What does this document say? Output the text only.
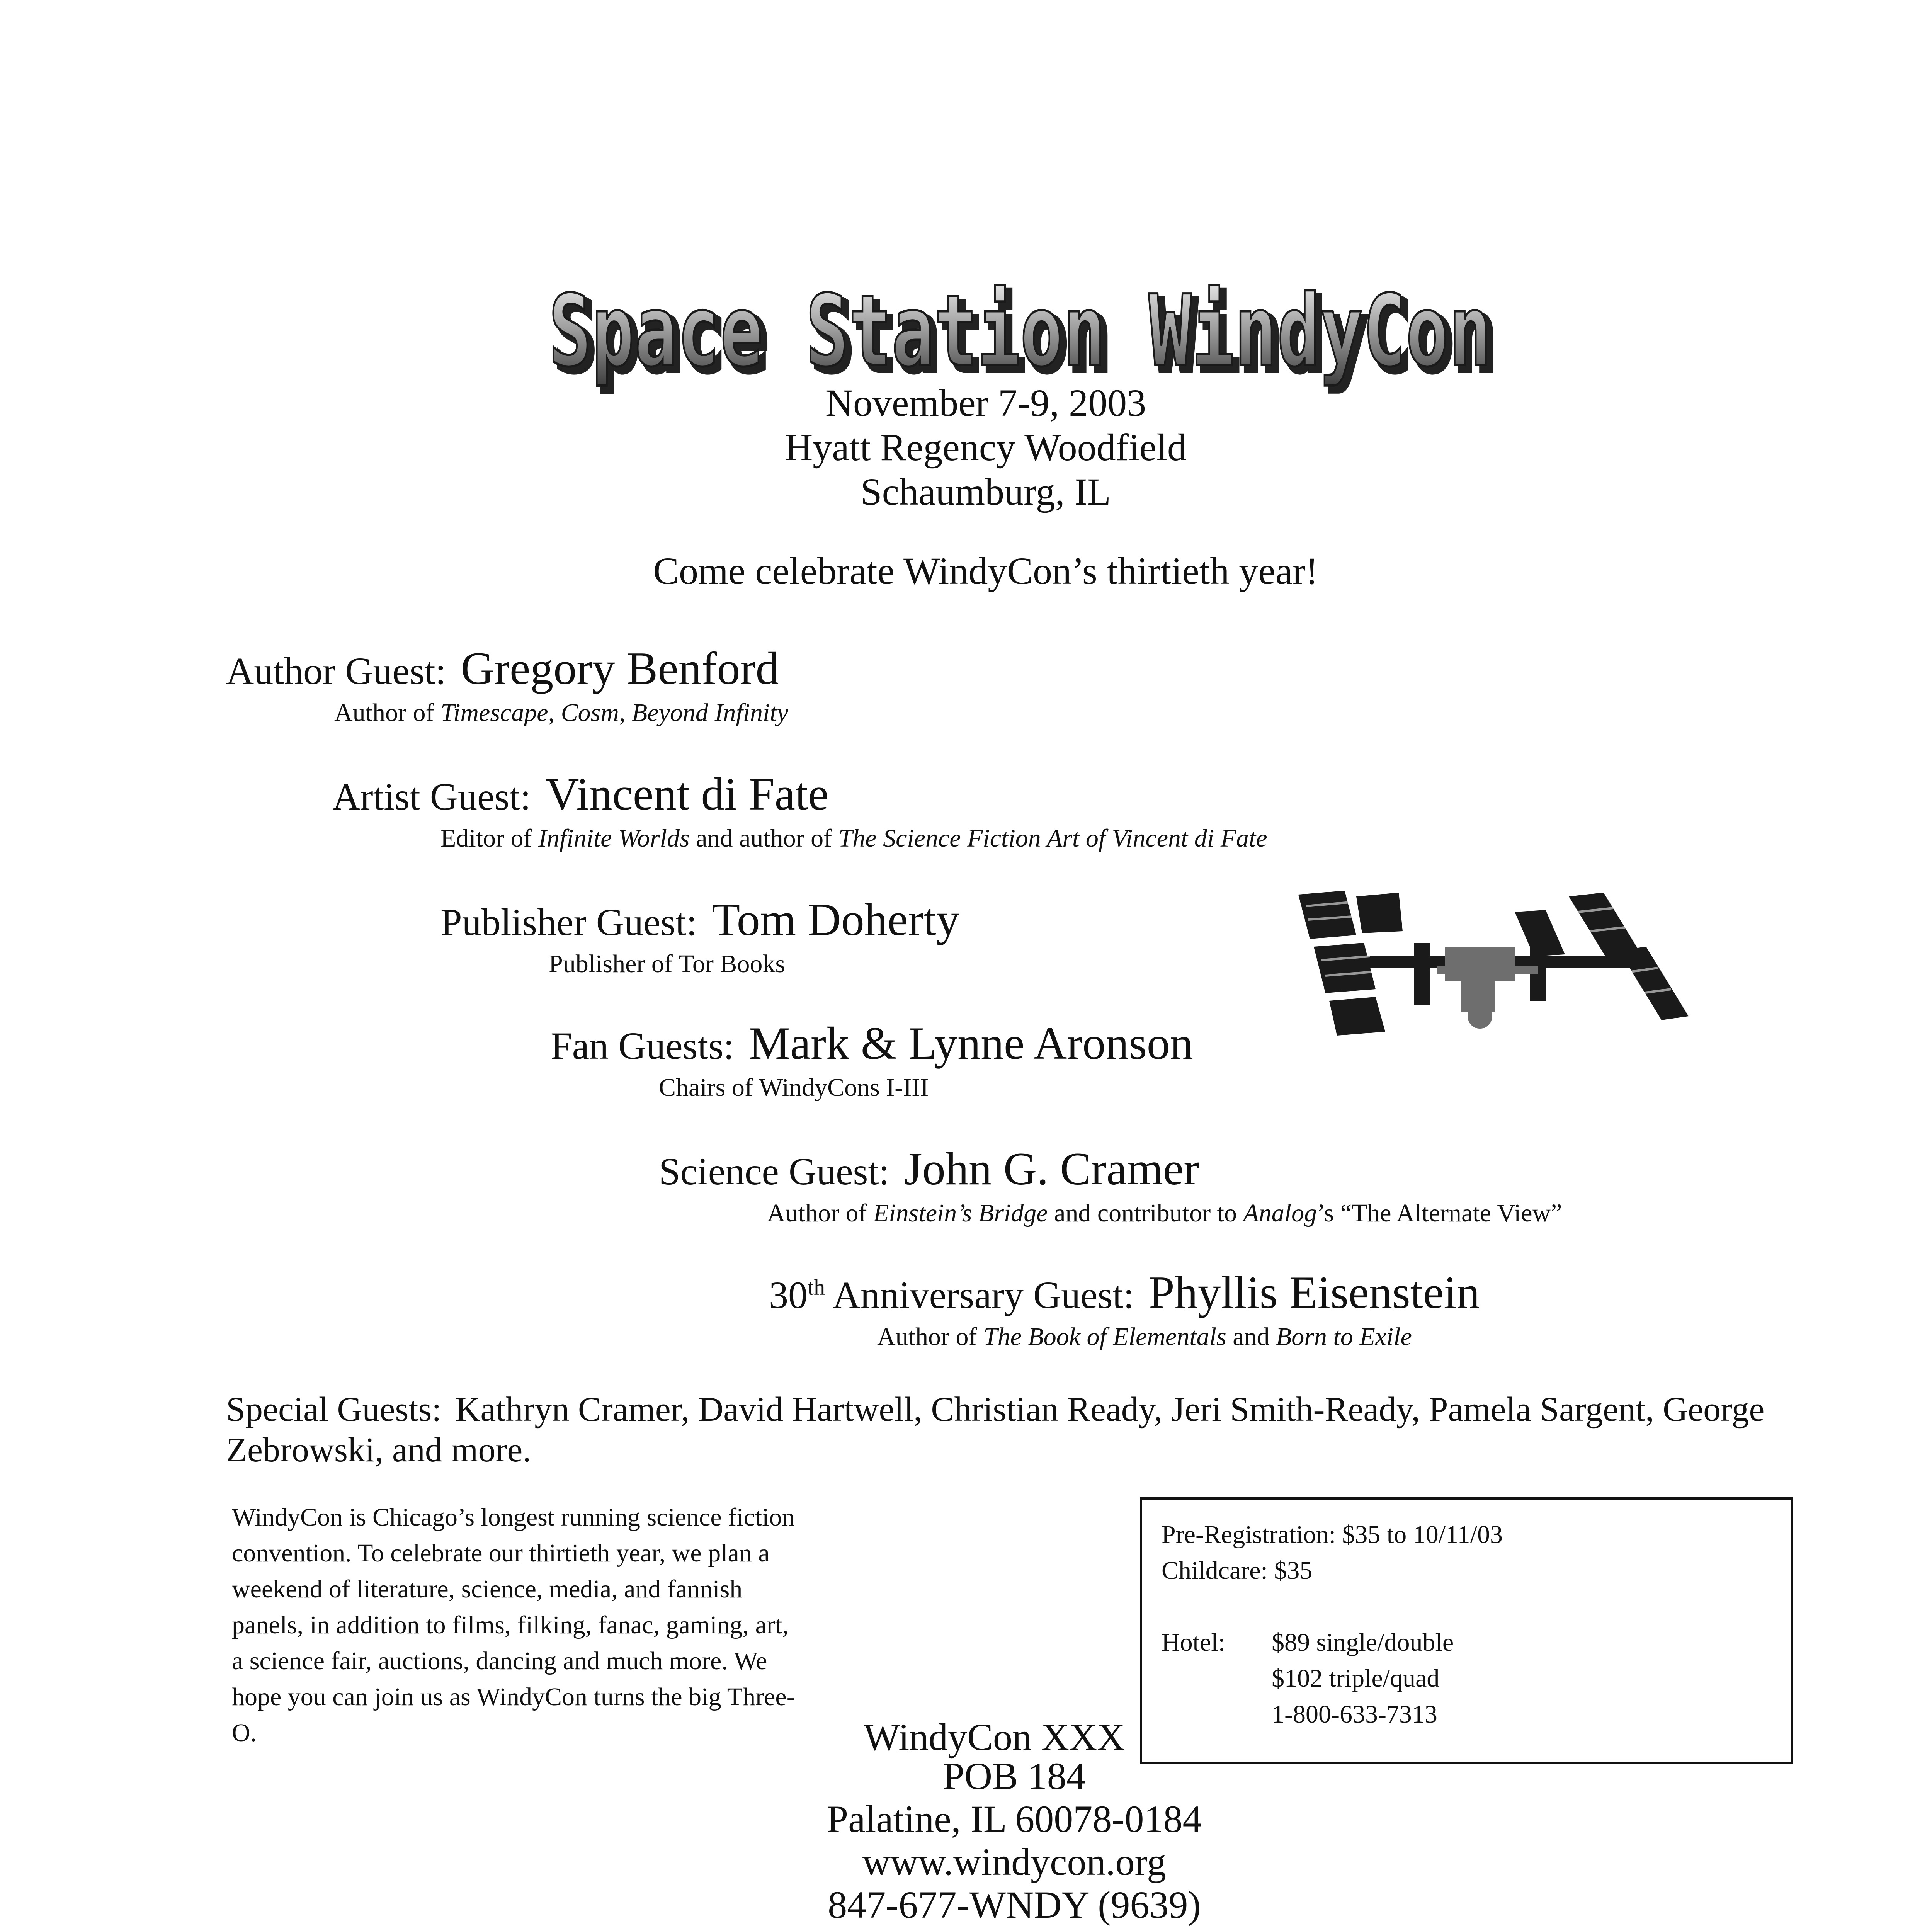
Space Station WindyCon
Space Station WindyCon
November 7-9, 2003
Hyatt Regency Woodfield
Schaumburg, IL
Come celebrate WindyCon’s thirtieth year!
Author Guest: Gregory Benford
Author of Timescape, Cosm, Beyond Infinity
Artist Guest: Vincent di Fate
Editor of Infinite Worlds and author of The Science Fiction Art of Vincent di Fate
Publisher Guest: Tom Doherty
Publisher of Tor Books
Fan Guests: Mark & Lynne Aronson
Chairs of WindyCons I-III
Science Guest: John G. Cramer
Author of Einstein’s Bridge and contributor to Analog’s “The Alternate View”
30th Anniversary Guest: Phyllis Eisenstein
Author of The Book of Elementals and Born to Exile
Special Guests: Kathryn Cramer, David Hartwell, Christian Ready, Jeri Smith-Ready, Pamela Sargent, George Zebrowski, and more.
WindyCon is Chicago’s longest running science fiction convention. To celebrate our thirtieth year, we plan a weekend of literature, science, media, and fannish panels, in addition to films, filking, fanac, gaming, art, a science fair, auctions, dancing and much more. We hope you can join us as WindyCon turns the big Three-O.
POB 184
Palatine, IL 60078-0184
www.windycon.org
847-677-WNDY (9639)
WindyCon XXX
Pre-Registration: $35 to 10/11/03
Childcare: $35
Hotel:	$89 single/double
$102 triple/quad
1-800-633-7313
